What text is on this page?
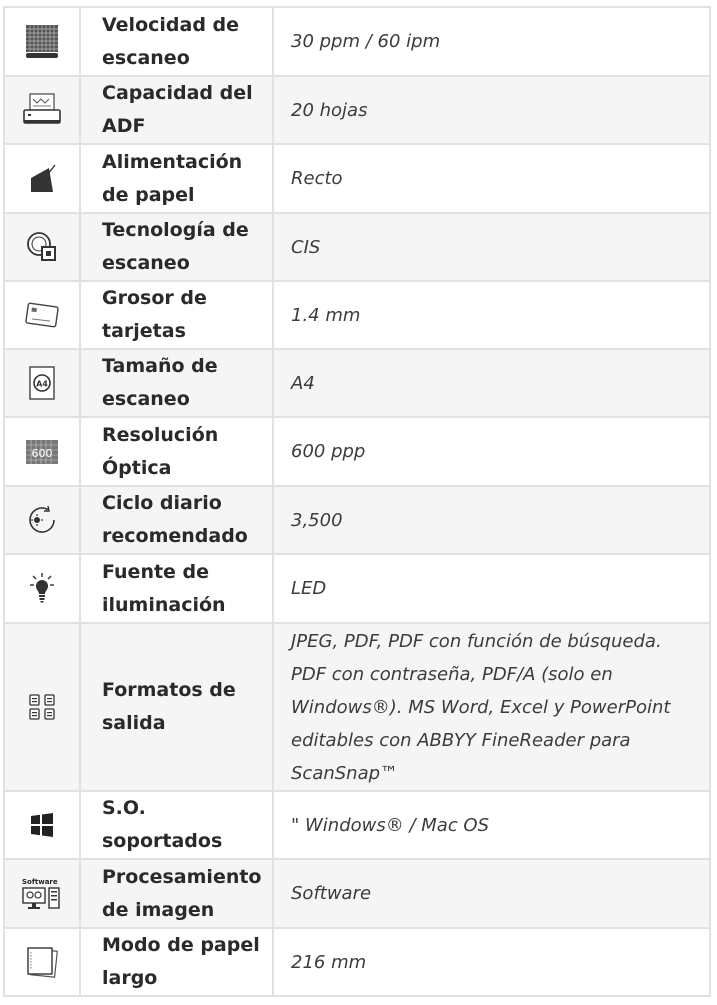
	Velocidad de escaneo	30 ppm / 60 ipm

	Capacidad del ADF	20 hojas

	Alimentación de papel	Recto

	Tecnología de escaneo	CIS

	Grosor de tarjetas	1.4 mm

A4	Tamaño de escaneo	A4

600	Resolución Óptica	600 ppp

	Ciclo diario recomendado	3,500

	Fuente de iluminación	LED

	Formatos de salida	JPEG, PDF, PDF con función de búsqueda. PDF con contraseña, PDF/A (solo en Windows®). MS Word, Excel y PowerPoint editables con ABBYY FineReader para ScanSnap™

	S.O. soportados	" Windows® / Mac OS

Software	Procesamiento de imagen	Software

	Modo de papel largo	216 mm
